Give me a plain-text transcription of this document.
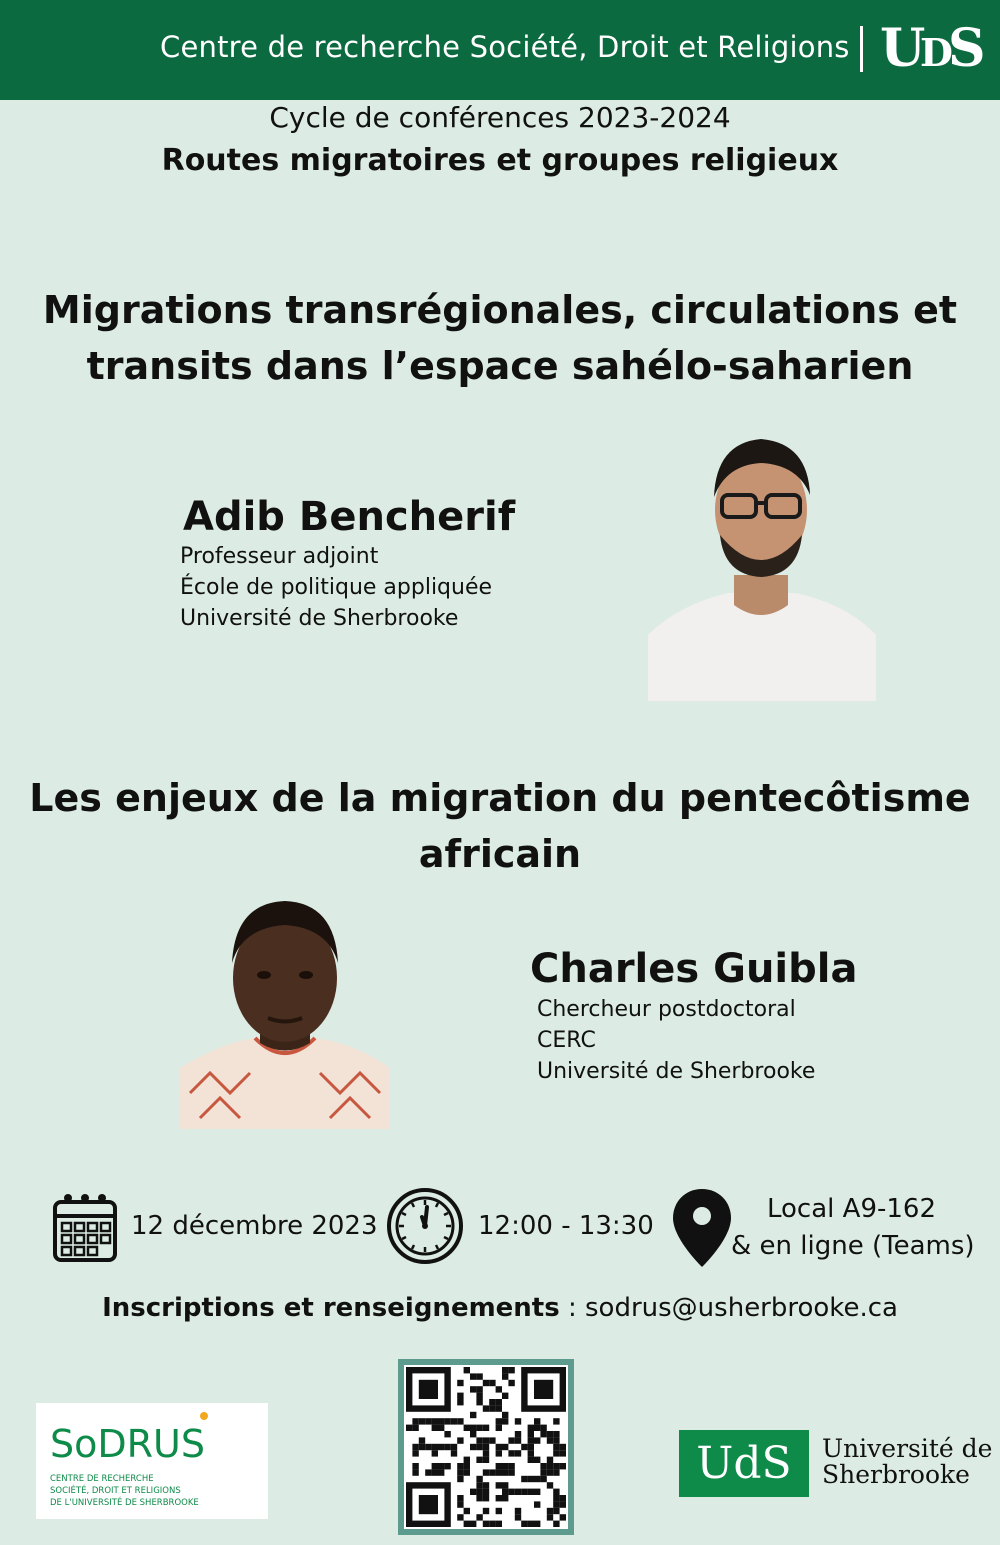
Centre de recherche Société, Droit et Religions U
D
S
Cycle de conférences 2023-2024
Routes migratoires et groupes religieux
Migrations transrégionales, circulations et
transits dans l’espace sahélo-saharien
Adib Bencherif
Professeur adjoint
École de politique appliquée
Université de Sherbrooke
Les enjeux de la migration du pentecôtisme
africain
Charles Guibla
Chercheur postdoctoral
CERC
Université de Sherbrooke
12 décembre 2023	12:00 - 13:30
Local A9-162
& en ligne (Teams)
Inscriptions et renseignements : sodrus@usherbrooke.ca
SoDRUS
CENTRE DE RECHERCHE
SOCIÉTÉ, DROIT ET RELIGIONS
DE L'UNIVERSITÉ DE SHERBROOKE
UdS	Université de
Sherbrooke
